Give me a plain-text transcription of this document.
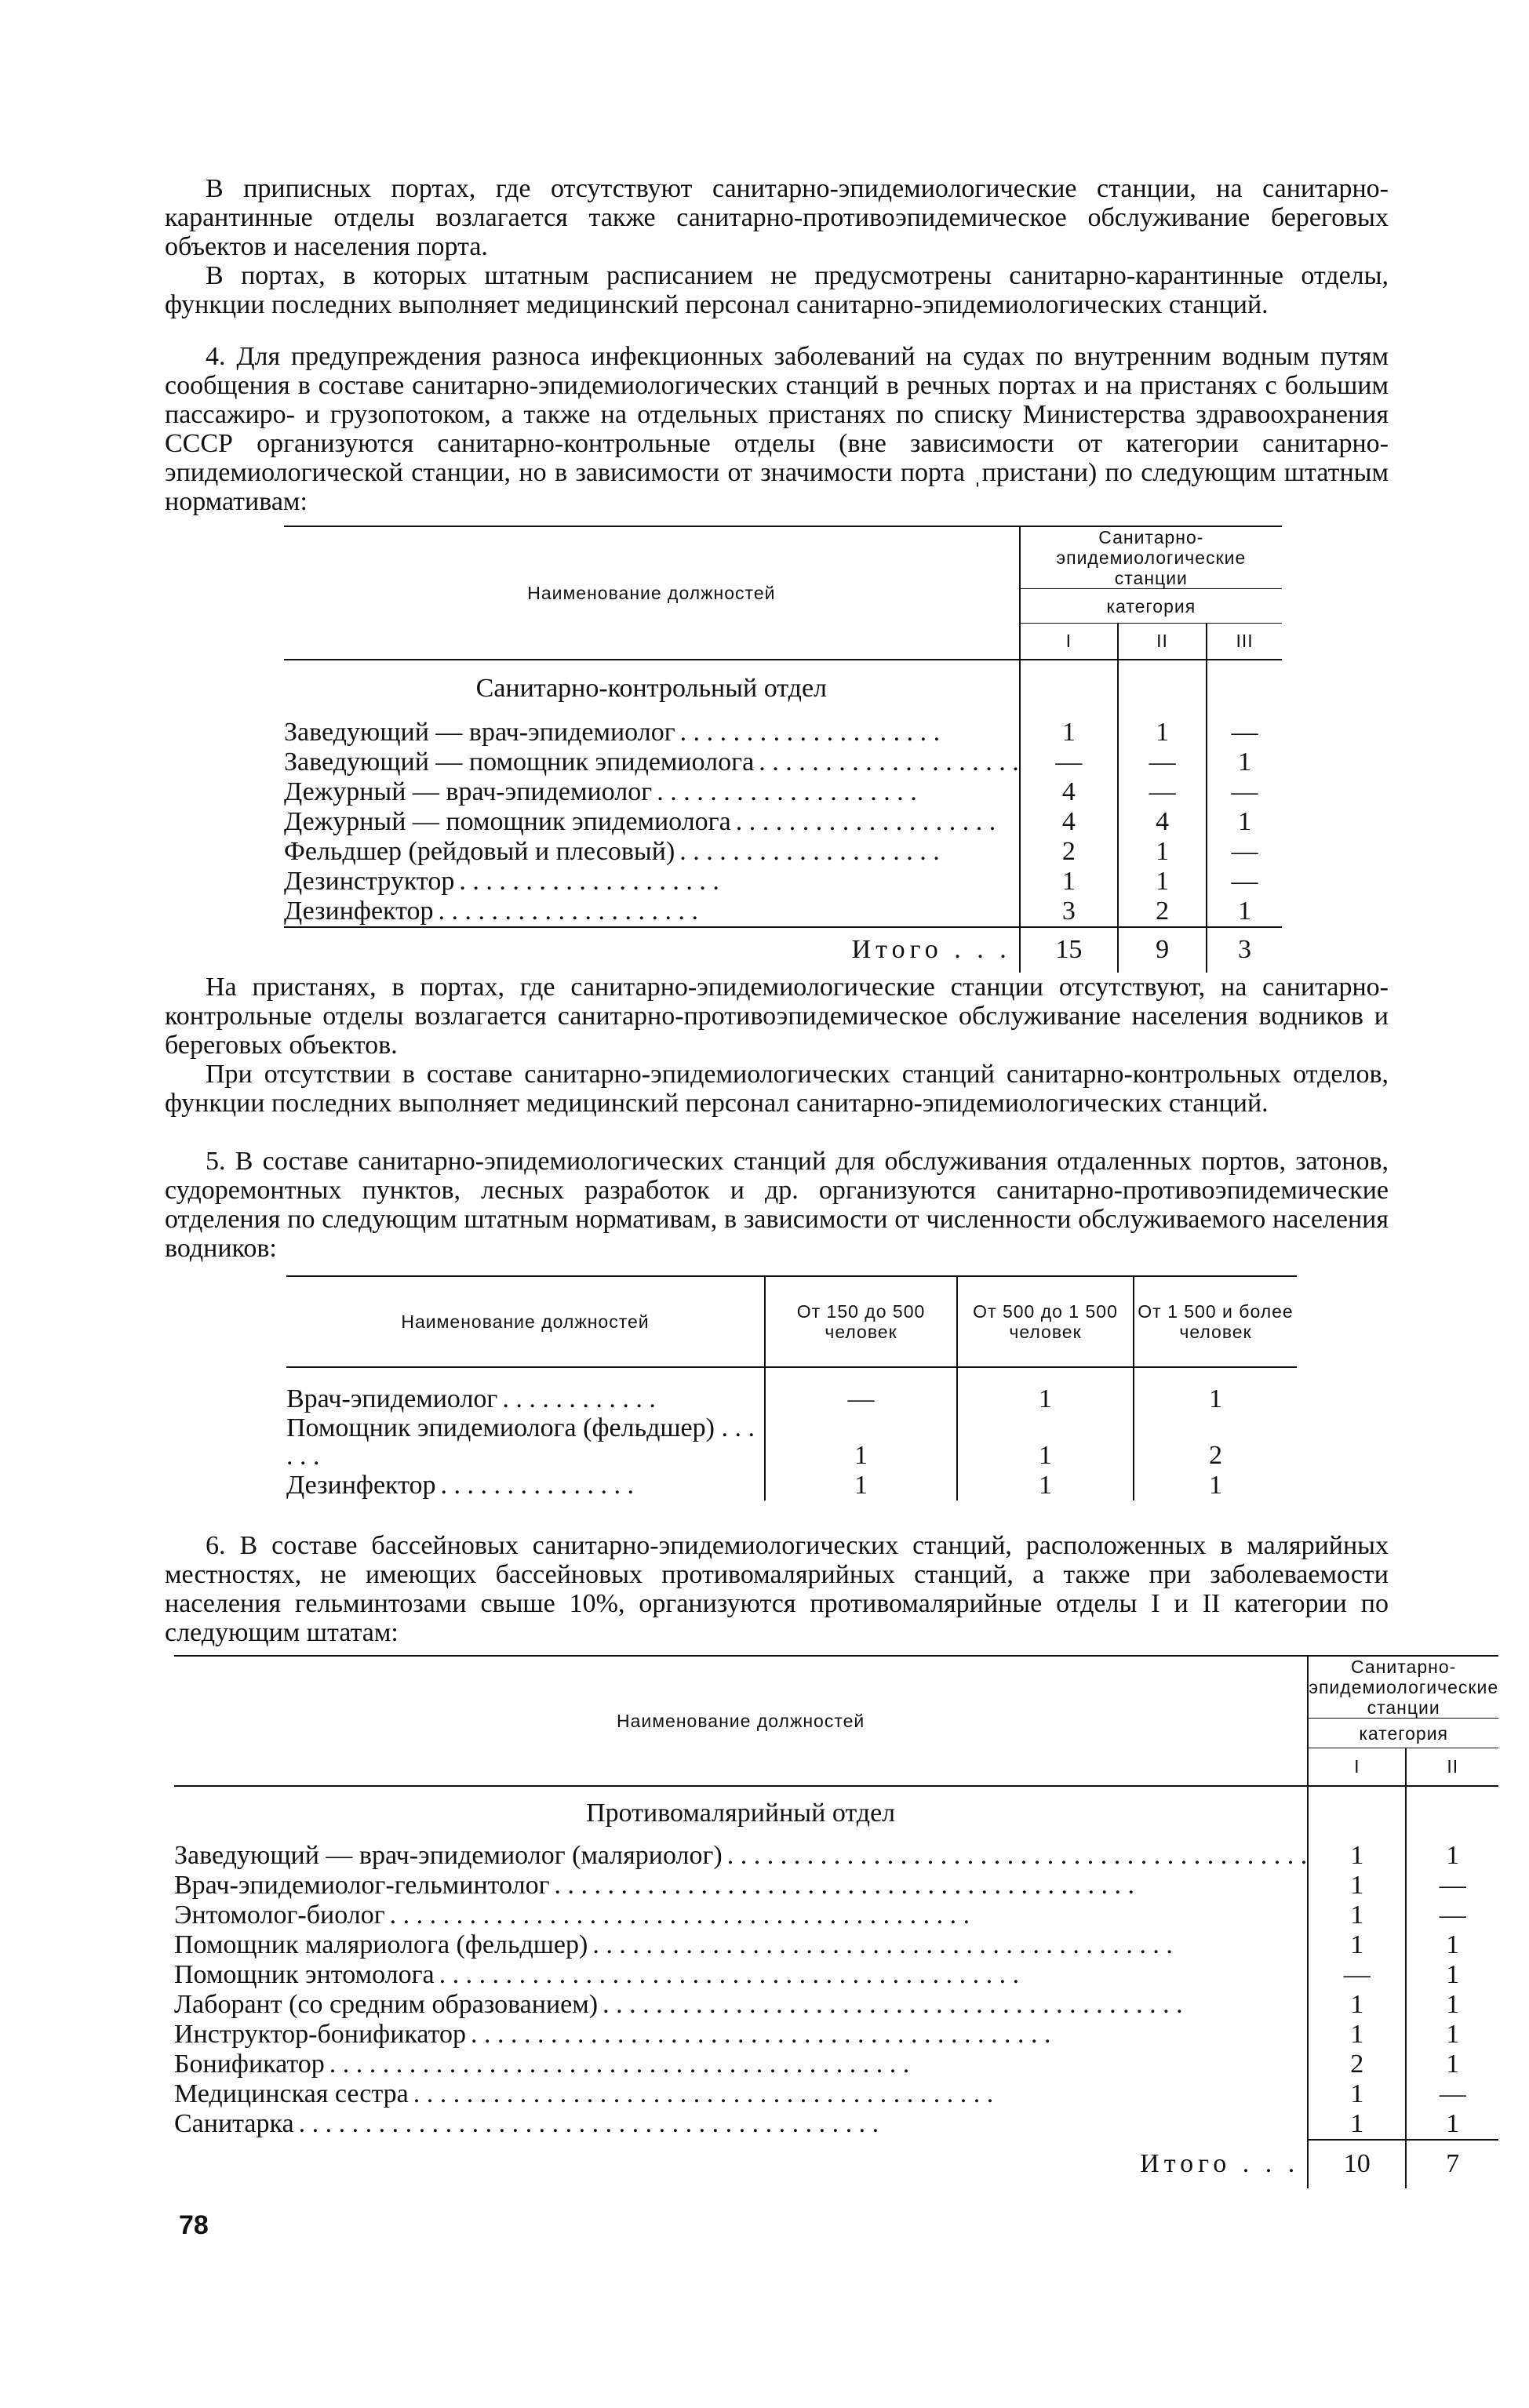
В приписных портах, где отсутствуют санитарно-эпидемиологические станции, на санитарно-карантинные отделы возлагается также санитарно-противоэпидемическое обслуживание береговых объектов и населения порта.

В портах, в которых штатным расписанием не предусмотрены санитарно-карантинные отделы, функции последних выполняет медицинский персонал санитарно-эпидемиологических станций.

4. Для предупреждения разноса инфекционных заболеваний на судах по внутренним водным путям сообщения в составе санитарно-эпидемиологических станций в речных портах и на пристанях с большим пассажиро- и грузопотоком, а также на отдельных пристанях по списку Министерства здравоохранения СССР организуются санитарно-контрольные отделы (вне зависимости от категории санитарно-эпидемиологической станции, но в зависимости от значимости порта ˌпристани) по следующим штатным нормативам:

Наименование должностей	Санитарно-эпидемиологические станции		
	категория		
	I	II	III
Санитарно-контрольный отдел			
Заведующий — врач-эпидемиолог. . . . . . . . . . . . . . . . . . . .	1	1	—
Заведующий — помощник эпидемиолога. . . . . . . . . . . . . . . . . . . .	—	—	1
Дежурный — врач-эпидемиолог. . . . . . . . . . . . . . . . . . . .	4	—	—
Дежурный — помощник эпидемиолога. . . . . . . . . . . . . . . . . . . .	4	4	1
Фельдшер (рейдовый и плесовый). . . . . . . . . . . . . . . . . . . .	2	1	—
Дезинструктор. . . . . . . . . . . . . . . . . . . .	1	1	—
Дезинфектор. . . . . . . . . . . . . . . . . . . .	3	2	1
Итого . . .	15	9	3

На пристанях, в портах, где санитарно-эпидемиологические станции отсутствуют, на санитарно-контрольные отделы возлагается санитарно-противоэпидемическое обслуживание населения водников и береговых объектов.

При отсутствии в составе санитарно-эпидемиологических станций санитарно-контрольных отделов, функции последних выполняет медицинский персонал санитарно-эпидемиологических станций.

5. В составе санитарно-эпидемиологических станций для обслуживания отдаленных портов, затонов, судоремонтных пунктов, лесных разработок и др. организуются санитарно-противоэпидемические отделения по следующим штатным нормативам, в зависимости от численности обслуживаемого населения водников:

Наименование должностей	От 150 до 500 человек	От 500 до 1 500 человек	От 1 500 и более человек

Врач-эпидемиолог. . . . . . . . . . . .	—	1	1
Помощник эпидемиолога (фельдшер) . . . . . .	1	1	2
Дезинфектор. . . . . . . . . . . . . . .	1	1	1

6. В составе бассейновых санитарно-эпидемиологических станций, расположенных в малярийных местностях, не имеющих бассейновых противомалярийных станций, а также при заболеваемости населения гельминтозами свыше 10%, организуются противомалярийные отделы I и II категории по следующим штатам:

Наименование должностей	Санитарно-эпидемиологические станции	
	категория	
	I	II
Противомалярийный отдел		
Заведующий — врач-эпидемиолог (маляриолог). . . . . . . . . . . . . . . . . . . . . . . . . . . . . . . . . . . . . . . . . . . .	1	1
Врач-эпидемиолог-гельминтолог. . . . . . . . . . . . . . . . . . . . . . . . . . . . . . . . . . . . . . . . . . . .	1	—
Энтомолог-биолог. . . . . . . . . . . . . . . . . . . . . . . . . . . . . . . . . . . . . . . . . . . .	1	—
Помощник маляриолога (фельдшер). . . . . . . . . . . . . . . . . . . . . . . . . . . . . . . . . . . . . . . . . . . .	1	1
Помощник энтомолога. . . . . . . . . . . . . . . . . . . . . . . . . . . . . . . . . . . . . . . . . . . .	—	1
Лаборант (со средним образованием). . . . . . . . . . . . . . . . . . . . . . . . . . . . . . . . . . . . . . . . . . . .	1	1
Инструктор-бонификатор. . . . . . . . . . . . . . . . . . . . . . . . . . . . . . . . . . . . . . . . . . . .	1	1
Бонификатор. . . . . . . . . . . . . . . . . . . . . . . . . . . . . . . . . . . . . . . . . . . .	2	1
Медицинская сестра. . . . . . . . . . . . . . . . . . . . . . . . . . . . . . . . . . . . . . . . . . . .	1	—
Санитарка. . . . . . . . . . . . . . . . . . . . . . . . . . . . . . . . . . . . . . . . . . . .	1	1
Итого . . .	10	7
78
